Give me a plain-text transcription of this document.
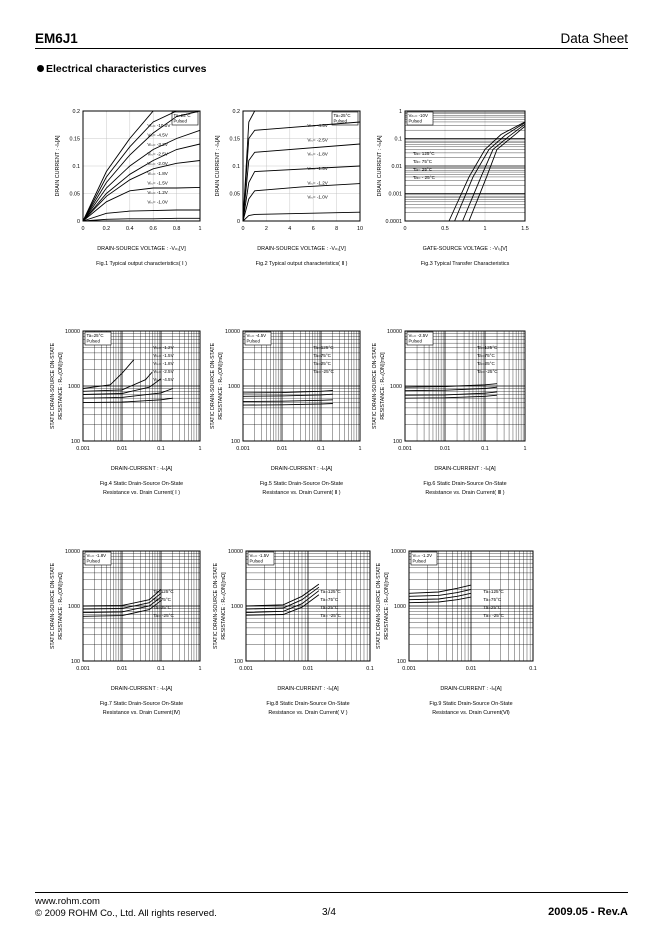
EM6J1	Data Sheet
Electrical characteristics curves
0	0.2	0.4	0.6	0.8	1
0
0.05
0.1
0.15
0.2
DRAIN-SOURCE VOLTAGE : -Vₙₛ[V]
DRAIN CURRENT : -Iₙ[A]
Fig.1 Typical output characteristics( Ⅰ )
Ta=25°C
Pulsed
Vₗₛ= -10.0V
Vₗₛ= -4.5V
Vₗₛ= -3.2V
Vₗₛ= -2.5V
Vₗₛ= -2.0V
Vₗₛ= -1.8V
Vₗₛ= -1.5V
Vₗₛ= -1.2V
Vₗₛ= -1.0V
0	2	4	6	8	10
0
0.05
0.1
0.15
0.2
DRAIN-SOURCE VOLTAGE : -Vₙₛ[V]
DRAIN CURRENT : -Iₙ[A]
Fig.2 Typical output characteristics( Ⅱ )
Ta=25°C
Pulsed
Vₗₛ= -4.5V
Vₗₛ= -2.5V
Vₗₛ= -1.8V
Vₗₛ= -1.5V
Vₗₛ= -1.2V
Vₗₛ= -1.0V
0	0.5	1	1.5
0.0001
0.001
0.01
0.1
1
GATE-SOURCE VOLTAGE : -Vₗₛ[V]
DRAIN CURRENT : -Iₙ[A]
Fig.3 Typical Transfer Characteristics
Vₙₛ= -10V
Pulsed
Ta= 125°C
Ta= 75°C
Ta= 25°C
Ta= - 25°C
0.001	0.01	0.1	1
100
1000
10000
DRAIN-CURRENT : -Iₙ[A]
STATIC DRAIN-SOURCE ON-STATE RESISTANCE : Rₙₛ(ON)[mΩ]
Fig.4 Static Drain-Source On-State
Resistance vs. Drain Current( Ⅰ )
Ta=25°C
Pulsed
Vₗₛ= -1.2V
Vₗₛ= -1.5V
Vₗₛ= -1.8V
Vₗₛ= -2.5V
Vₗₛ= -4.5V
0.001	0.01	0.1	1
100
1000
10000
DRAIN-CURRENT : -Iₙ[A]
STATIC DRAIN-SOURCE ON-STATE RESISTANCE : Rₙₛ(ON)[mΩ]
Fig.5 Static Drain-Source On-State
Resistance vs. Drain Current( Ⅱ )
Vₗₛ= -4.5V
Pulsed
Ta=125°C
Ta=75°C
Ta=25°C
Ta= -25°C
0.001	0.01	0.1	1
100
1000
10000
DRAIN-CURRENT : -Iₙ[A]
STATIC DRAIN-SOURCE ON-STATE RESISTANCE : Rₙₛ(ON)[mΩ]
Fig.6 Static Drain-Source On-State
Resistance vs. Drain Current( Ⅲ )
Vₗₛ= -2.5V
Pulsed
Ta=125°C
Ta=75°C
Ta=25°C
Ta= -25°C
0.001	0.01	0.1	1
100
1000
10000
DRAIN-CURRENT : -Iₙ[A]
STATIC DRAIN-SOURCE ON-STATE RESISTANCE : Rₙₛ(ON)[mΩ]
Fig.7 Static Drain-Source On-State
Resistance vs. Drain Current(Ⅳ)
Vₗₛ= -1.8V
Pulsed
Ta=125°C
Ta=75°C
Ta=25°C
Ta= -25°C
0.001	0.01	0.1
100
1000
10000
DRAIN-CURRENT : -Iₙ[A]
STATIC DRAIN-SOURCE ON-STATE RESISTANCE : Rₙₛ(ON)[mΩ]
Fig.8 Static Drain-Source On-State
Resistance vs. Drain Current( Ⅴ )
Vₗₛ= -1.5V
Pulsed
Ta=125°C
Ta=75°C
Ta=25°C
Ta= -25°C
0.001	0.01	0.1
100
1000
10000
DRAIN-CURRENT : -Iₙ[A]
STATIC DRAIN-SOURCE ON-STATE RESISTANCE : Rₙₛ(ON)[mΩ]
Fig.9 Static Drain-Source On-State
Resistance vs. Drain Current(Ⅵ)
Vₗₛ= -1.2V
Pulsed
Ta=125°C
Ta=75°C
Ta=25°C
Ta= -25°C
www.rohm.com
© 2009 ROHM Co., Ltd. All rights reserved.	3/4	2009.05 - Rev.A
